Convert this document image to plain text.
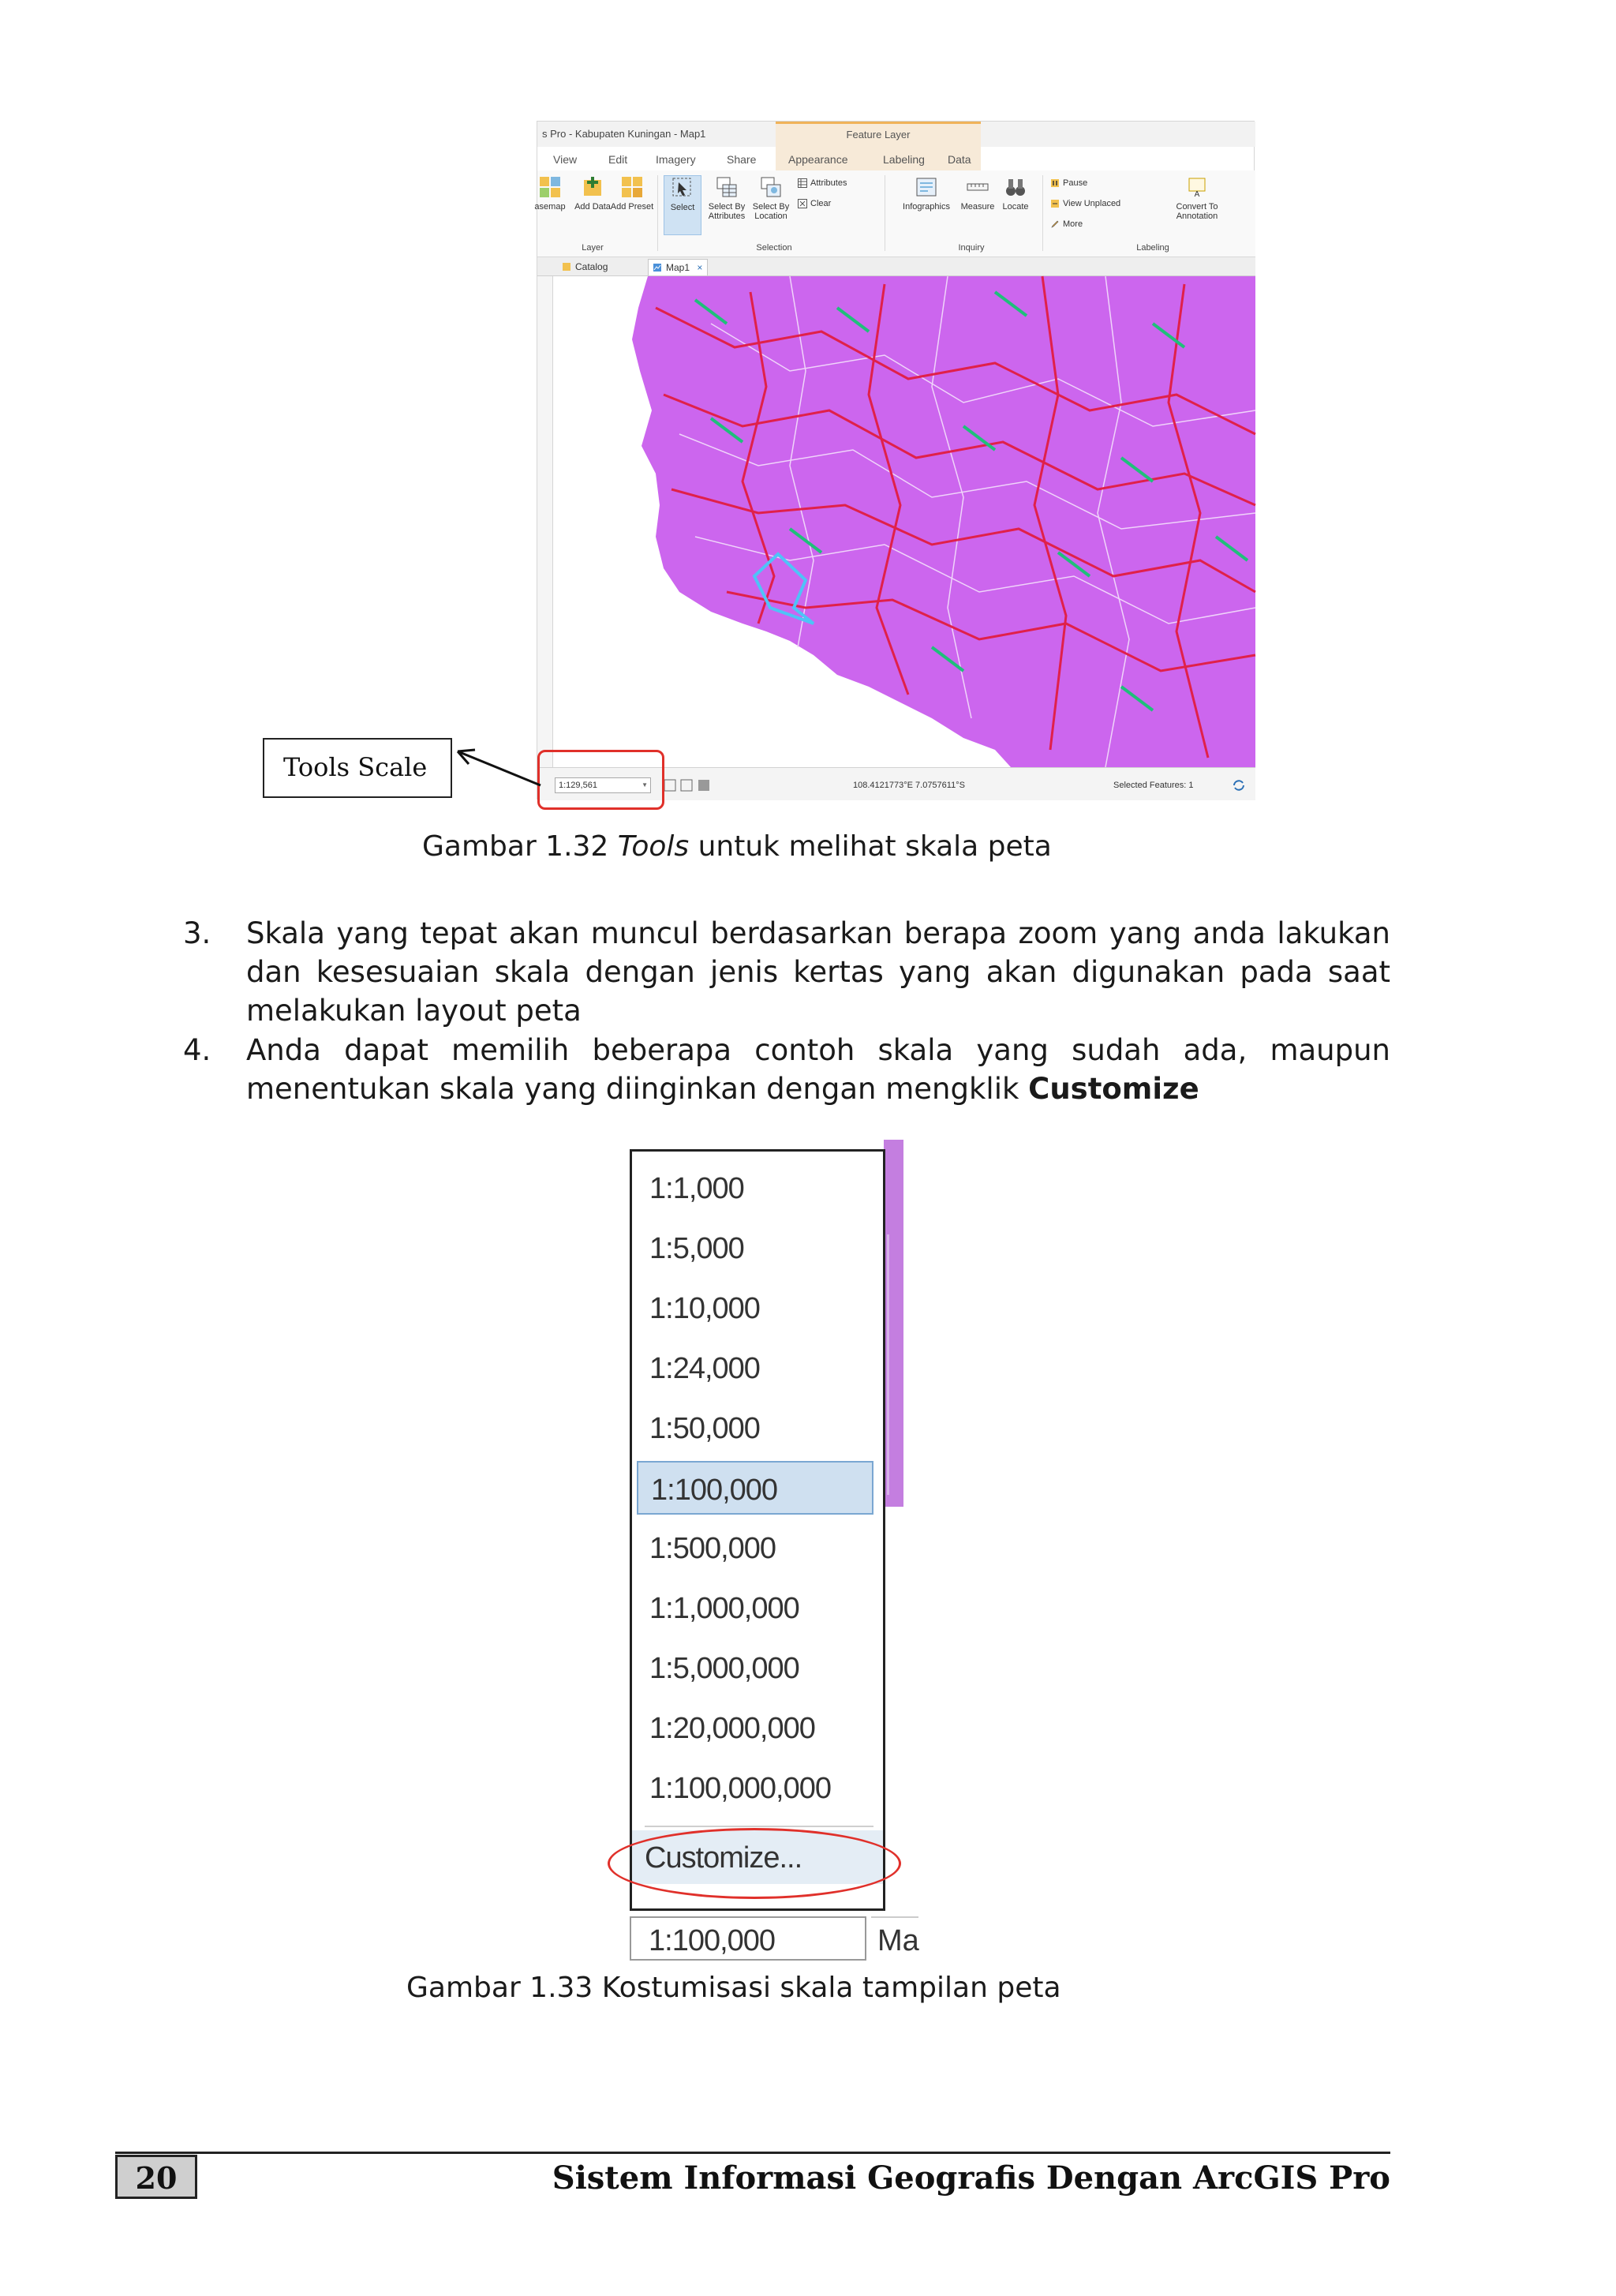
s Pro - Kabupaten Kuningan - Map1	Feature Layer
View	Edit	Imagery	Share	Appearance	Labeling Data
asemap	Add Data Add Preset	Select	Select By Attributes
Select By Location
Attributes
Clear	Infographics	Measure Locate
Pause
View Unplaced
More
A
Convert To Annotation
Layer	Selection	Inquiry	Labeling
Catalog	Map1 ×
1:129,561	▼	108.4121773°E 7.0757611°S	Selected Features: 1
Tools Scale
Gambar 1.32 Tools untuk melihat skala peta
3. Skala yang tepat akan muncul berdasarkan berapa zoom yang anda lakukan dan kesesuaian skala dengan jenis kertas yang akan digunakan pada saat melakukan layout peta
4. Anda dapat memilih beberapa contoh skala yang sudah ada, maupun menentukan skala yang diinginkan dengan mengklik Customize
1:1,000
1:5,000
1:10,000
1:24,000
1:50,000
1:100,000
1:500,000
1:1,000,000
1:5,000,000
1:20,000,000
1:100,000,000
Customize...
1:100,000	Ma
Gambar 1.33 Kostumisasi skala tampilan peta
20	Sistem Informasi Geografis Dengan ArcGIS Pro
